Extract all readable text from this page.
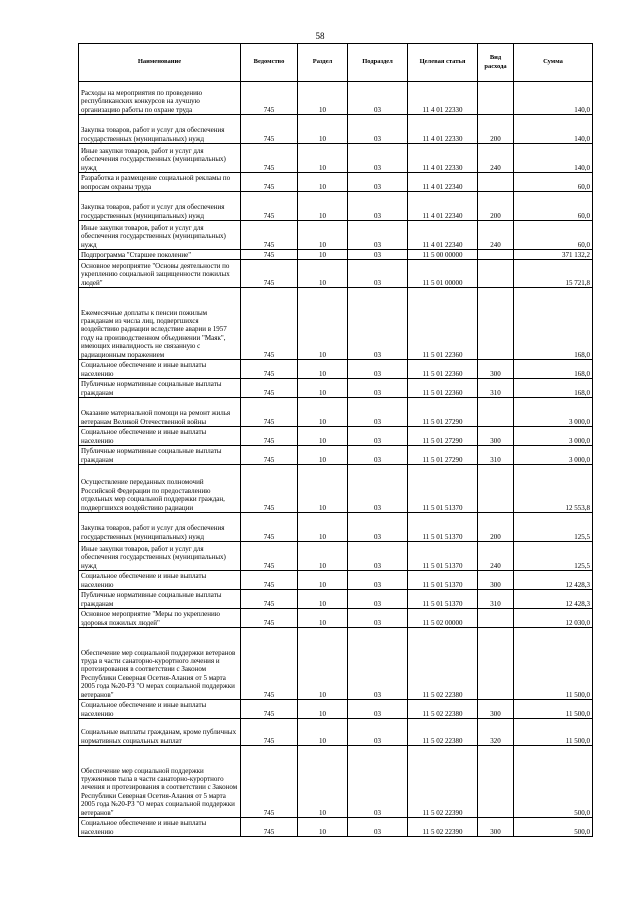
58
Наименование	Ведомство	Раздел	Подраздел	Целевая статья	Вид расхода	Сумма
Расходы на мероприятия по проведению республиканских конкурсов на лучшую организацию работы по охране труда	745	10	03	11 4 01 22330		140,0
Закупка товаров, работ и услуг для обеспечения государственных (муниципальных) нужд	745	10	03	11 4 01 22330	200	140,0
Иные закупки товаров, работ и услуг для обеспечения государственных (муниципальных) нужд	745	10	03	11 4 01 22330	240	140,0
Разработка и размещение социальной рекламы по вопросам охраны труда	745	10	03	11 4 01 22340		60,0
Закупка товаров, работ и услуг для обеспечения государственных (муниципальных) нужд	745	10	03	11 4 01 22340	200	60,0
Иные закупки товаров, работ и услуг для обеспечения государственных (муниципальных) нужд	745	10	03	11 4 01 22340	240	60,0
Подпрограмма "Старшее поколение"	745	10	03	11 5 00 00000		371 132,2
Основное мероприятие "Основы деятельности по укреплению социальной защищенности пожилых людей"	745	10	03	11 5 01 00000		15 721,8
Ежемесячные доплаты к пенсии пожилым гражданам из числа лиц, подвергшихся воздействию радиации вследствие аварии в 1957 году на производственном объединении "Маяк", имеющих инвалидность не связанную с радиационным поражением	745	10	03	11 5 01 22360		168,0
Социальное обеспечение и иные выплаты населению	745	10	03	11 5 01 22360	300	168,0
Публичные нормативные социальные выплаты гражданам	745	10	03	11 5 01 22360	310	168,0
Оказание материальной помощи на ремонт жилья ветеранам Великой Отечественной войны	745	10	03	11 5 01 27290		3 000,0
Социальное обеспечение и иные выплаты населению	745	10	03	11 5 01 27290	300	3 000,0
Публичные нормативные социальные выплаты гражданам	745	10	03	11 5 01 27290	310	3 000,0
Осуществление переданных полномочий Российской Федерации по предоставлению отдельных мер социальной поддержки граждан, подвергшихся воздействию радиации	745	10	03	11 5 01 51370		12 553,8
Закупка товаров, работ и услуг для обеспечения государственных (муниципальных) нужд	745	10	03	11 5 01 51370	200	125,5
Иные закупки товаров, работ и услуг для обеспечения государственных (муниципальных) нужд	745	10	03	11 5 01 51370	240	125,5
Социальное обеспечение и иные выплаты населению	745	10	03	11 5 01 51370	300	12 428,3
Публичные нормативные социальные выплаты гражданам	745	10	03	11 5 01 51370	310	12 428,3
Основное мероприятие "Меры по укреплению здоровья пожилых людей"	745	10	03	11 5 02 00000		12 030,0
Обеспечение мер социальной поддержки ветеранов труда в части санаторно-курортного лечения и протезирования в соответствии с Законом Республики Северная Осетия-Алания от 5 марта 2005 года №20-РЗ "О мерах социальной поддержки ветеранов"	745	10	03	11 5 02 22380		11 500,0
Социальное обеспечение и иные выплаты населению	745	10	03	11 5 02 22380	300	11 500,0
Социальные выплаты гражданам, кроме публичных нормативных социальных выплат	745	10	03	11 5 02 22380	320	11 500,0
Обеспечение мер социальной поддержки тружеников тыла в части санаторно-курортного лечения и протезирования в соответствии с Законом Республики Северная Осетия-Алания от 5 марта 2005 года №20-РЗ "О мерах социальной поддержки ветеранов"	745	10	03	11 5 02 22390		500,0
Социальное обеспечение и иные выплаты населению	745	10	03	11 5 02 22390	300	500,0
